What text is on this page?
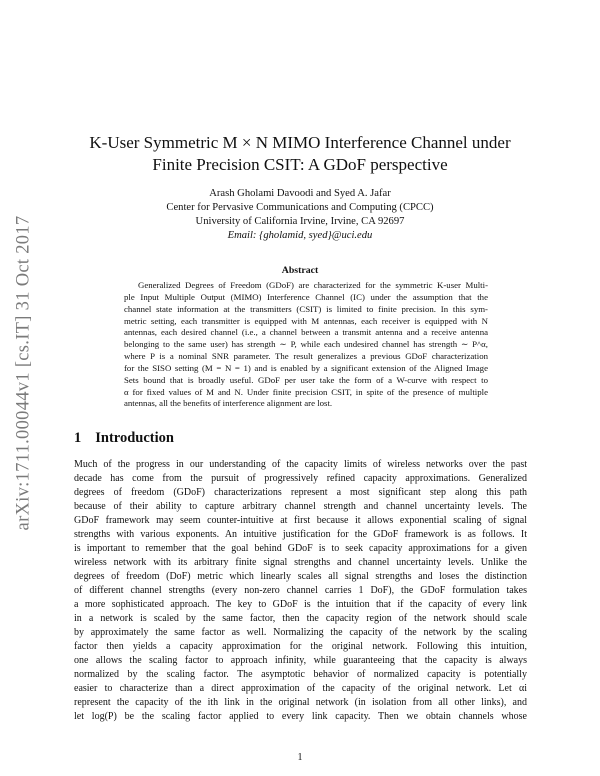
arXiv:1711.00044v1 [cs.IT] 31 Oct 2017
K-User Symmetric M × N MIMO Interference Channel under
Finite Precision CSIT: A GDoF perspective
Arash Gholami Davoodi and Syed A. Jafar
Center for Pervasive Communications and Computing (CPCC)
University of California Irvine, Irvine, CA 92697
Email: {gholamid, syed}@uci.edu
Abstract
Generalized Degrees of Freedom (GDoF) are characterized for the symmetric K-user Multi-
ple Input Multiple Output (MIMO) Interference Channel (IC) under the assumption that the
channel state information at the transmitters (CSIT) is limited to finite precision. In this sym-
metric setting, each transmitter is equipped with M antennas, each receiver is equipped with N
antennas, each desired channel (i.e., a channel between a transmit antenna and a receive antenna
belonging to the same user) has strength ∼ P, while each undesired channel has strength ∼ P^α,
where P is a nominal SNR parameter. The result generalizes a previous GDoF characterization
for the SISO setting (M = N = 1) and is enabled by a significant extension of the Aligned Image
Sets bound that is broadly useful. GDoF per user take the form of a W-curve with respect to
α for fixed values of M and N. Under finite precision CSIT, in spite of the presence of multiple
antennas, all the benefits of interference alignment are lost.
1 Introduction
Much of the progress in our understanding of the capacity limits of wireless networks over the past
decade has come from the pursuit of progressively refined capacity approximations. Generalized
degrees of freedom (GDoF) characterizations represent a most significant step along this path
because of their ability to capture arbitrary channel strength and channel uncertainty levels. The
GDoF framework may seem counter-intuitive at first because it allows exponential scaling of signal
strengths with various exponents. An intuitive justification for the GDoF framework is as follows. It
is important to remember that the goal behind GDoF is to seek capacity approximations for a given
wireless network with its arbitrary finite signal strengths and channel uncertainty levels. Unlike the
degrees of freedom (DoF) metric which linearly scales all signal strengths and loses the distinction
of different channel strengths (every non-zero channel carries 1 DoF), the GDoF formulation takes
a more sophisticated approach. The key to GDoF is the intuition that if the capacity of every link
in a network is scaled by the same factor, then the capacity region of the network should scale
by approximately the same factor as well. Normalizing the capacity of the network by the scaling
factor then yields a capacity approximation for the original network. Following this intuition,
one allows the scaling factor to approach infinity, while guaranteeing that the capacity is always
normalized by the scaling factor. The asymptotic behavior of normalized capacity is potentially
easier to characterize than a direct approximation of the capacity of the original network. Let αi
represent the capacity of the ith link in the original network (in isolation from all other links), and
let log(P) be the scaling factor applied to every link capacity. Then we obtain channels whose
1
